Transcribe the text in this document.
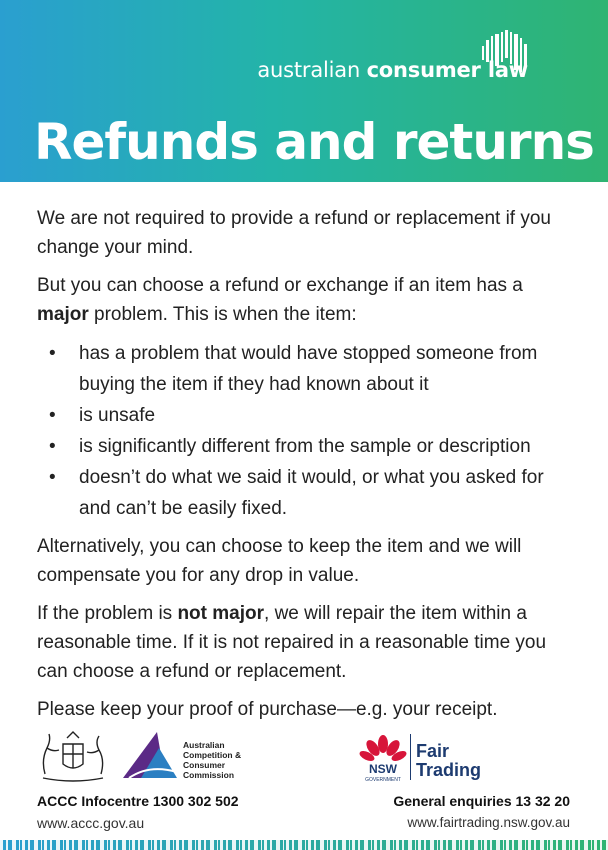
australian consumer law
Refunds and returns

We are not required to provide a refund or replacement if you change your mind.

But you can choose a refund or exchange if an item has a major problem. This is when the item:

• has a problem that would have stopped someone from buying the item if they had known about it
• is unsafe
• is significantly different from the sample or description
• doesn’t do what we said it would, or what you asked for and can’t be easily fixed.

Alternatively, you can choose to keep the item and we will compensate you for any drop in value.

If the problem is not major, we will repair the item within a reasonable time. If it is not repaired in a reasonable time you can choose a refund or replacement.

Please keep your proof of purchase—e.g. your receipt.

Australian
Competition &
Consumer
Commission
ACCC Infocentre 1300 302 502
www.accc.gov.au
NSW
GOVERNMENT
Fair
Trading
General enquiries 13 32 20
www.fairtrading.nsw.gov.au
